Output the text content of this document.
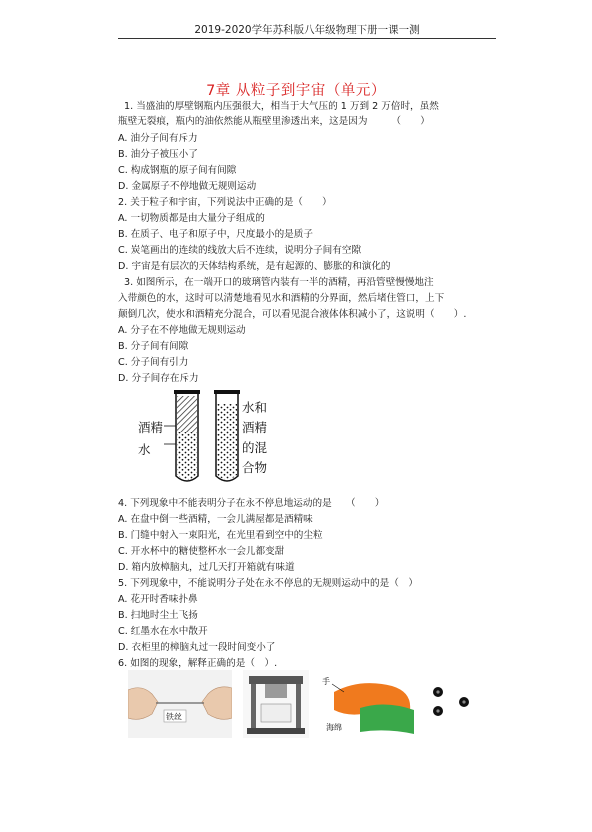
2019-2020学年苏科版八年级物理下册一课一测
7章 从粒子到宇宙（单元）
1. 当盛油的厚壁钢瓶内压强很大，相当于大气压的 1 万到 2 万倍时，虽然
瓶壁无裂痕，瓶内的油依然能从瓶壁里渗透出来，这是因为　　　（　　）
A. 油分子间有斥力
B. 油分子被压小了
C. 构成钢瓶的原子间有间隙
D. 金属原子不停地做无规则运动
2. 关于粒子和宇宙，下列说法中正确的是（　　）
A. 一切物质都是由大量分子组成的
B. 在质子、电子和原子中，尺度最小的是质子
C. 炭笔画出的连续的线放大后不连续，说明分子间有空隙
D. 宇宙是有层次的天体结构系统，是有起源的、膨胀的和演化的
3. 如图所示，在一端开口的玻璃管内装有一半的酒精，再沿管壁慢慢地注
入带颜色的水，这时可以清楚地看见水和酒精的分界面，然后堵住管口，上下
颠倒几次，使水和酒精充分混合，可以看见混合液体体积减小了，这说明（　　）.
A. 分子在不停地做无规则运动
B. 分子间有间隙
C. 分子间有引力
D. 分子间存在斥力
酒精
水
水和
酒精
的混
合物
4. 下列现象中不能表明分子在永不停息地运动的是　　（　　）
A. 在盘中倒一些酒精，一会儿满屋都是酒精味
B. 门缝中射入一束阳光，在光里看到空中的尘粒
C. 开水杯中的糖使整杯水一会儿都变甜
D. 箱内放樟脑丸，过几天打开箱就有味道
5. 下列现象中，不能说明分子处在永不停息的无规则运动中的是（　）
A. 花开时香味扑鼻
B. 扫地时尘土飞扬
C. 红墨水在水中散开
D. 衣柜里的樟脑丸过一段时间变小了
6. 如图的现象，解释正确的是（　）.
铁丝
手
海绵
